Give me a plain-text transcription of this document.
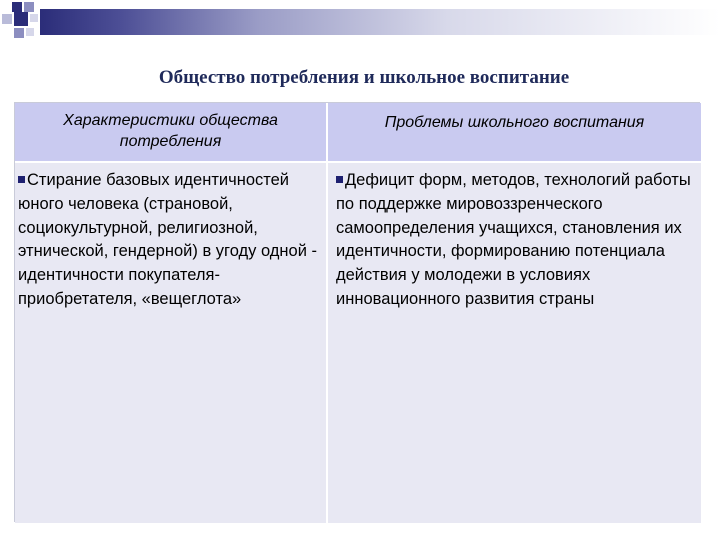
Общество потребления и школьное воспитание
Характеристики общества потребления
Проблемы школьного воспитания
Стирание базовых идентичностей юного человека (страновой, социокультурной, религиозной, этнической, гендерной) в угоду одной - идентичности покупателя-приобретателя, «вещеглота»
Дефицит форм, методов, технологий работы по поддержке мировоззренческого самоопределения учащихся, становления их идентичности, формированию потенциала действия у молодежи в условиях инновационного развития страны
